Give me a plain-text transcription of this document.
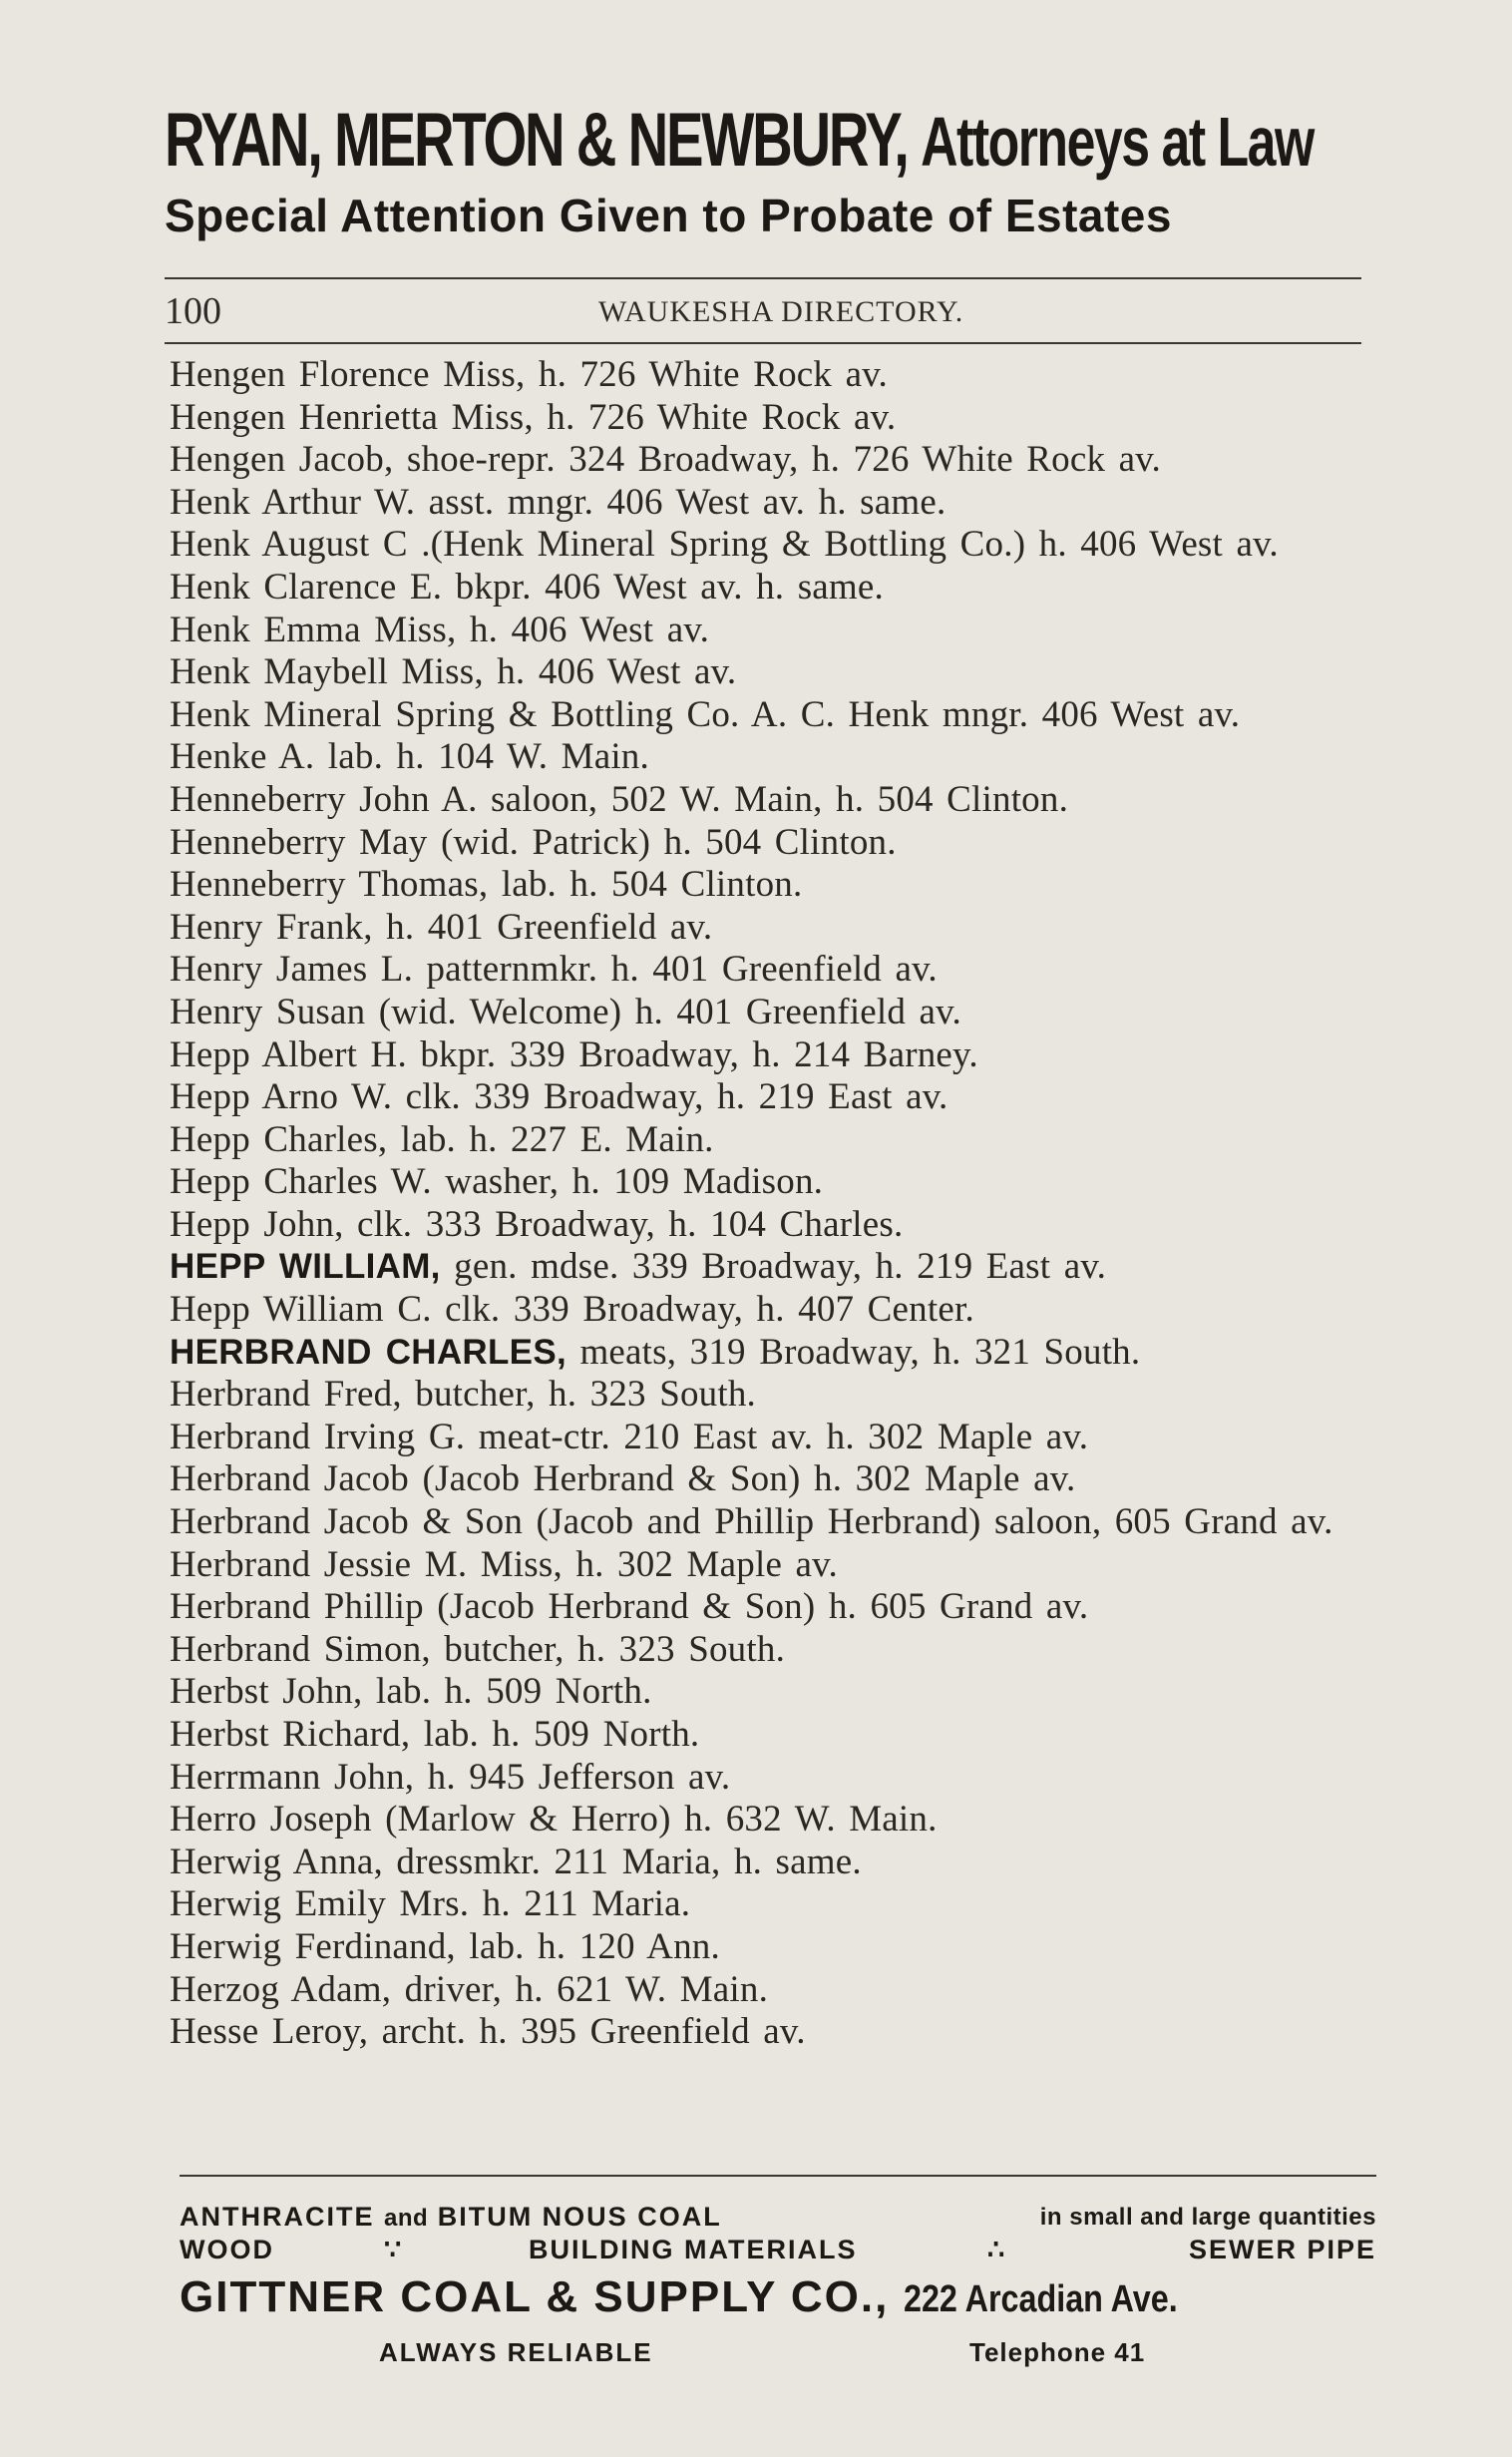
RYAN, MERTON & NEWBURY, Attorneys at Law
Special Attention Given to Probate of Estates
100	WAUKESHA DIRECTORY.
Hengen Florence Miss, h. 726 White Rock av.
Hengen Henrietta Miss, h. 726 White Rock av.
Hengen Jacob, shoe-repr. 324 Broadway, h. 726 White Rock av.
Henk Arthur W. asst. mngr. 406 West av. h. same.
Henk August C .(Henk Mineral Spring & Bottling Co.) h. 406 West av.
Henk Clarence E. bkpr. 406 West av. h. same.
Henk Emma Miss, h. 406 West av.
Henk Maybell Miss, h. 406 West av.
Henk Mineral Spring & Bottling Co. A. C. Henk mngr. 406 West av.
Henke A. lab. h. 104 W. Main.
Henneberry John A. saloon, 502 W. Main, h. 504 Clinton.
Henneberry May (wid. Patrick) h. 504 Clinton.
Henneberry Thomas, lab. h. 504 Clinton.
Henry Frank, h. 401 Greenfield av.
Henry James L. patternmkr. h. 401 Greenfield av.
Henry Susan (wid. Welcome) h. 401 Greenfield av.
Hepp Albert H. bkpr. 339 Broadway, h. 214 Barney.
Hepp Arno W. clk. 339 Broadway, h. 219 East av.
Hepp Charles, lab. h. 227 E. Main.
Hepp Charles W. washer, h. 109 Madison.
Hepp John, clk. 333 Broadway, h. 104 Charles.
HEPP WILLIAM, gen. mdse. 339 Broadway, h. 219 East av.
Hepp William C. clk. 339 Broadway, h. 407 Center.
HERBRAND CHARLES, meats, 319 Broadway, h. 321 South.
Herbrand Fred, butcher, h. 323 South.
Herbrand Irving G. meat-ctr. 210 East av. h. 302 Maple av.
Herbrand Jacob (Jacob Herbrand & Son) h. 302 Maple av.
Herbrand Jacob & Son (Jacob and Phillip Herbrand) saloon, 605 Grand av.
Herbrand Jessie M. Miss, h. 302 Maple av.
Herbrand Phillip (Jacob Herbrand & Son) h. 605 Grand av.
Herbrand Simon, butcher, h. 323 South.
Herbst John, lab. h. 509 North.
Herbst Richard, lab. h. 509 North.
Herrmann John, h. 945 Jefferson av.
Herro Joseph (Marlow & Herro) h. 632 W. Main.
Herwig Anna, dressmkr. 211 Maria, h. same.
Herwig Emily Mrs. h. 211 Maria.
Herwig Ferdinand, lab. h. 120 Ann.
Herzog Adam, driver, h. 621 W. Main.
Hesse Leroy, archt. h. 395 Greenfield av.
ANTHRACITE and BITUM NOUS COAL	in small and large quantities
WOOD	∵	BUILDING MATERIALS	∴	SEWER PIPE
GITTNER COAL & SUPPLY CO., 222 Arcadian Ave.
ALWAYS RELIABLE	Telephone 41
